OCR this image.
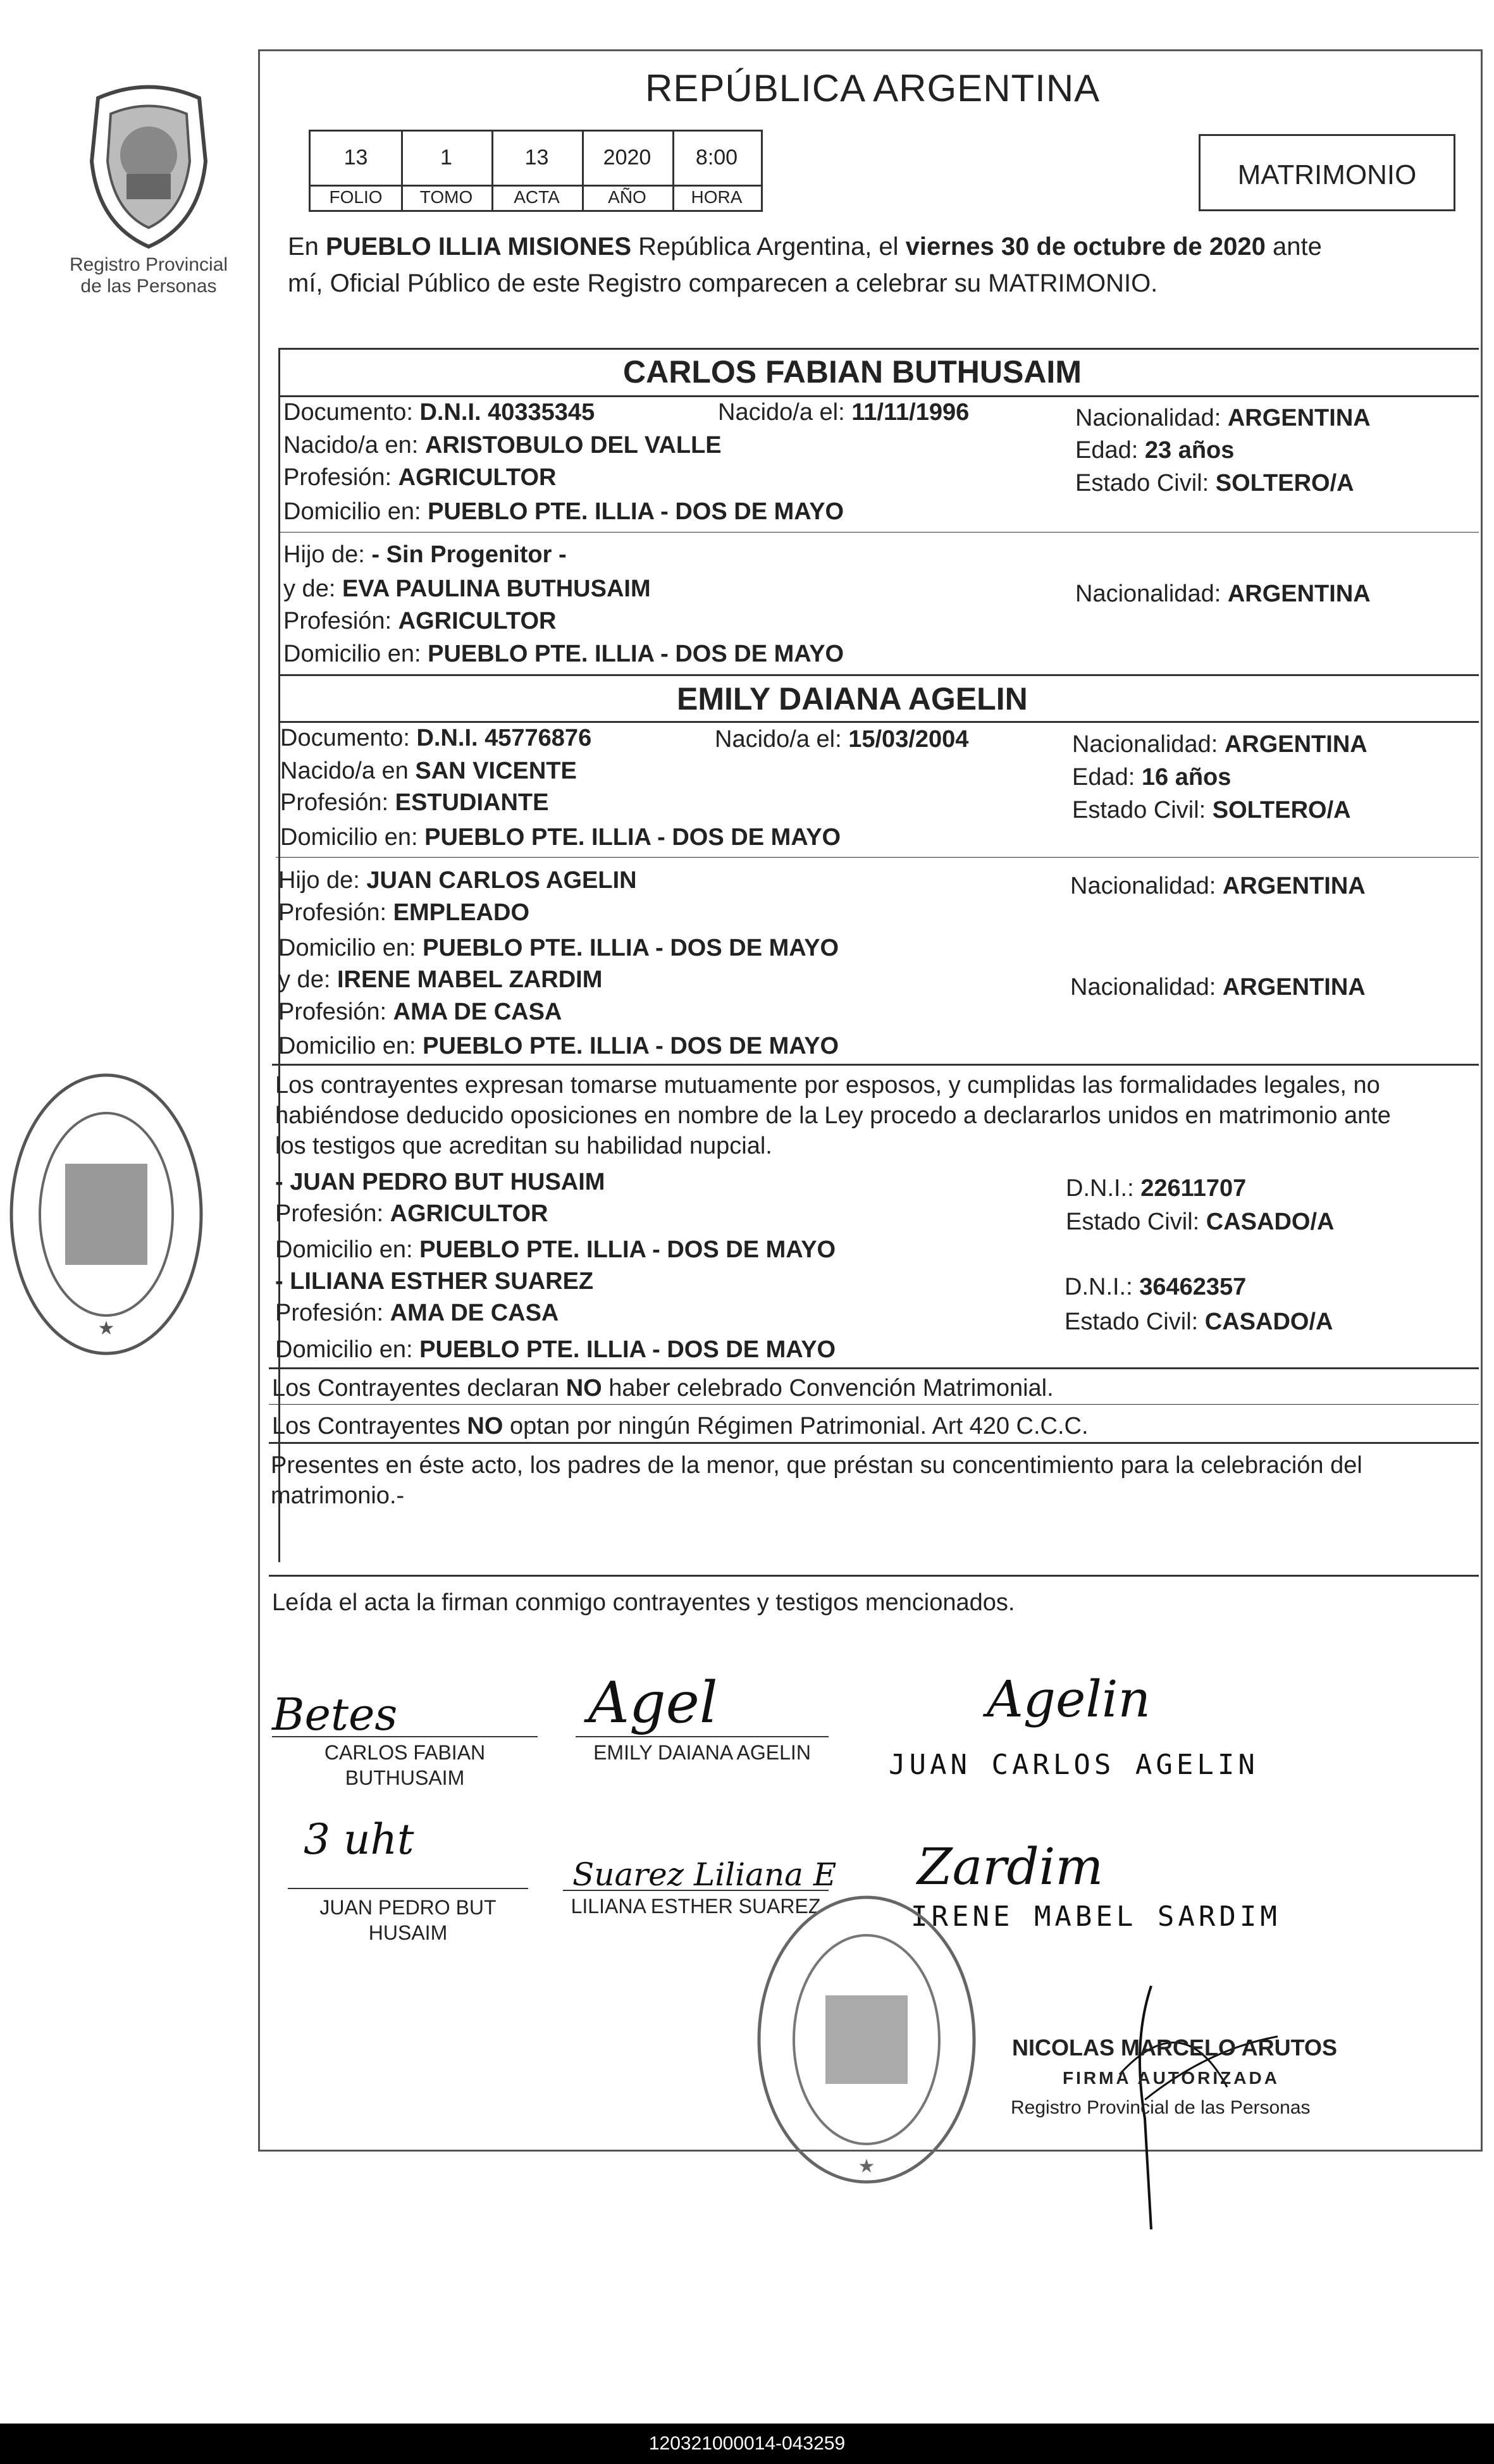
Registro Provincial de las Personas
★
REPÚBLICA ARGENTINA
13	1	13	2020	8:00
FOLIO	TOMO	ACTA	AÑO	HORA
MATRIMONIO
En PUEBLO ILLIA MISIONES República Argentina, el viernes 30 de octubre de 2020 ante
mí, Oficial Público de este Registro comparecen a celebrar su MATRIMONIO.
CARLOS FABIAN BUTHUSAIM
Documento: D.N.I. 40335345	Nacido/a el: 11/11/1996	Nacionalidad: ARGENTINA
Nacido/a en: ARISTOBULO DEL VALLE	Edad: 23 años
Profesión: AGRICULTOR	Estado Civil: SOLTERO/A
Domicilio en: PUEBLO PTE. ILLIA - DOS DE MAYO
Hijo de: - Sin Progenitor -
y de: EVA PAULINA BUTHUSAIM	Nacionalidad: ARGENTINA
Profesión: AGRICULTOR
Domicilio en: PUEBLO PTE. ILLIA - DOS DE MAYO
EMILY DAIANA AGELIN
Documento: D.N.I. 45776876	Nacido/a el: 15/03/2004	Nacionalidad: ARGENTINA
Nacido/a en SAN VICENTE	Edad: 16 años
Profesión: ESTUDIANTE	Estado Civil: SOLTERO/A
Domicilio en: PUEBLO PTE. ILLIA - DOS DE MAYO
Hijo de: JUAN CARLOS AGELIN	Nacionalidad: ARGENTINA
Profesión: EMPLEADO
Domicilio en: PUEBLO PTE. ILLIA - DOS DE MAYO
y de: IRENE MABEL ZARDIM	Nacionalidad: ARGENTINA
Profesión: AMA DE CASA
Domicilio en: PUEBLO PTE. ILLIA - DOS DE MAYO
Los contrayentes expresan tomarse mutuamente por esposos, y cumplidas las formalidades legales, no
habiéndose deducido oposiciones en nombre de la Ley procedo a declararlos unidos en matrimonio ante
los testigos que acreditan su habilidad nupcial.
- JUAN PEDRO BUT HUSAIM	D.N.I.: 22611707
Profesión: AGRICULTOR	Estado Civil: CASADO/A
Domicilio en: PUEBLO PTE. ILLIA - DOS DE MAYO
- LILIANA ESTHER SUAREZ	D.N.I.: 36462357
Profesión: AMA DE CASA	Estado Civil: CASADO/A
Domicilio en: PUEBLO PTE. ILLIA - DOS DE MAYO
Los Contrayentes declaran NO haber celebrado Convención Matrimonial.
Los Contrayentes NO optan por ningún Régimen Patrimonial. Art 420 C.C.C.
Presentes en éste acto, los padres de la menor, que préstan su concentimiento para la celebración del
matrimonio.-
Leída el acta la firman conmigo contrayentes y testigos mencionados.
Betes
CARLOS FABIAN
BUTHUSAIM
Agel
EMILY DAIANA AGELIN
Agelin
JUAN CARLOS AGELIN
3 uht
JUAN PEDRO BUT
HUSAIM
Suarez Liliana E
LILIANA ESTHER SUAREZ
Zardim
IRENE MABEL SARDIM
★
NICOLAS MARCELO ARUTOS
FIRMA AUTORIZADA
Registro Provincial de las Personas
120321000014-043259
